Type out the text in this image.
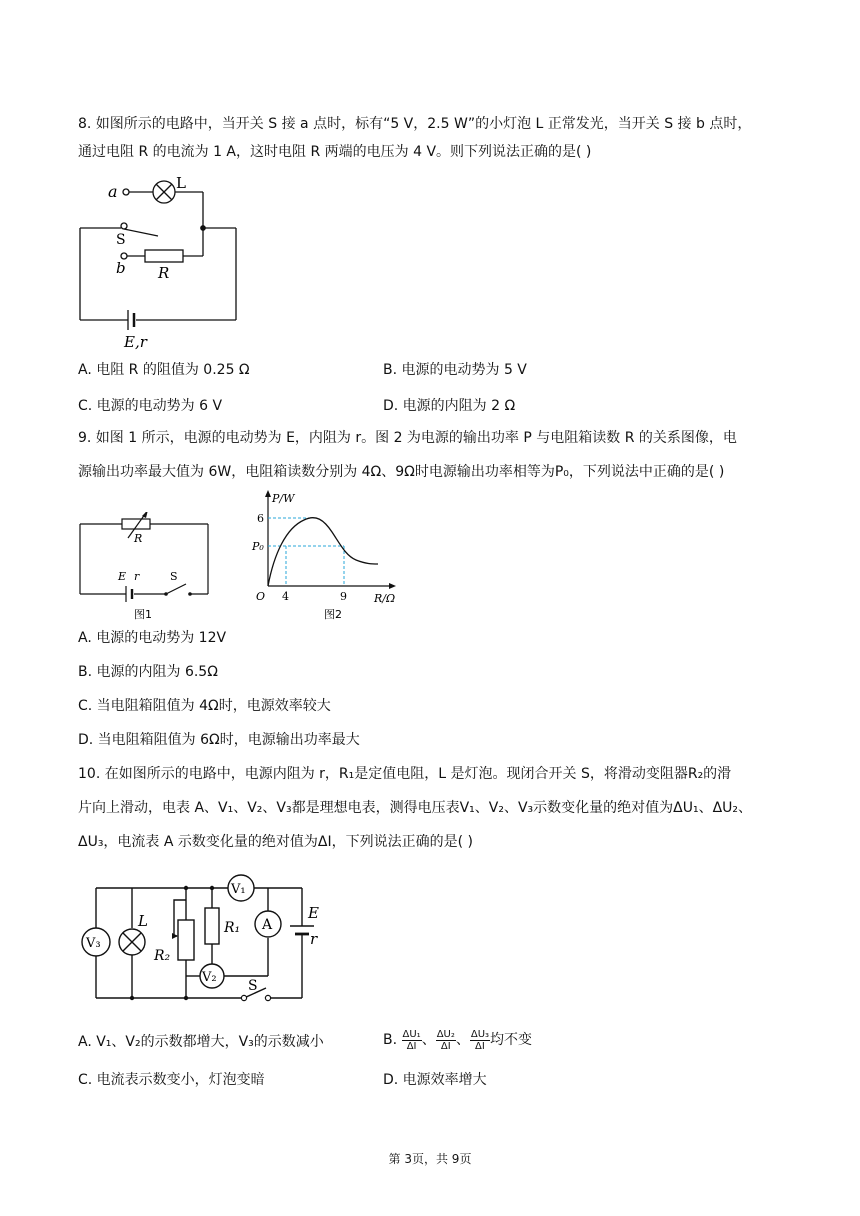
8. 如图所示的电路中，当开关 S 接 a 点时，标有“5 V，2.5 W”的小灯泡 L 正常发光，当开关 S 接 b 点时，
通过电阻 R 的电流为 1 A，这时电阻 R 两端的电压为 4 V。则下列说法正确的是( )
a	L
S
b R
E,r
A. 电阻 R 的阻值为 0.25 Ω	B. 电源的电动势为 5 V
C. 电源的电动势为 6 V	D. 电源的内阻为 2 Ω
9. 如图 1 所示，电源的电动势为 E，内阻为 r。图 2 为电源的输出功率 P 与电阻箱读数 R 的关系图像，电
源输出功率最大值为 6W，电阻箱读数分别为 4Ω、9Ω时电源输出功率相等为P₀，下列说法中正确的是( )
R
E r	S
图1
P/W
R/Ω
O
6
P₀
4	9
图2
A. 电源的电动势为 12V
B. 电源的内阻为 6.5Ω
C. 当电阻箱阻值为 4Ω时，电源效率较大
D. 当电阻箱阻值为 6Ω时，电源输出功率最大
10. 在如图所示的电路中，电源内阻为 r，R₁是定值电阻，L 是灯泡。现闭合开关 S，将滑动变阻器R₂的滑
片向上滑动，电表 A、V₁、V₂、V₃都是理想电表，测得电压表V₁、V₂、V₃示数变化量的绝对值为ΔU₁、ΔU₂、
ΔU₃，电流表 A 示数变化量的绝对值为ΔI，下列说法正确的是( )
V₃
L
R₂
R₁
V₁
V₂
A
E
r
S
A. V₁、V₂的示数都增大，V₃的示数减小	B. $\frac{\text{ΔU₁}}{\Delta I}$ 、 $\frac{\text{ΔU₂}}{\Delta I}$ 、 $\frac{\text{ΔU₃}}{\Delta I}$ 均不变
C. 电流表示数变小，灯泡变暗	D. 电源效率增大
第 3页，共 9页
